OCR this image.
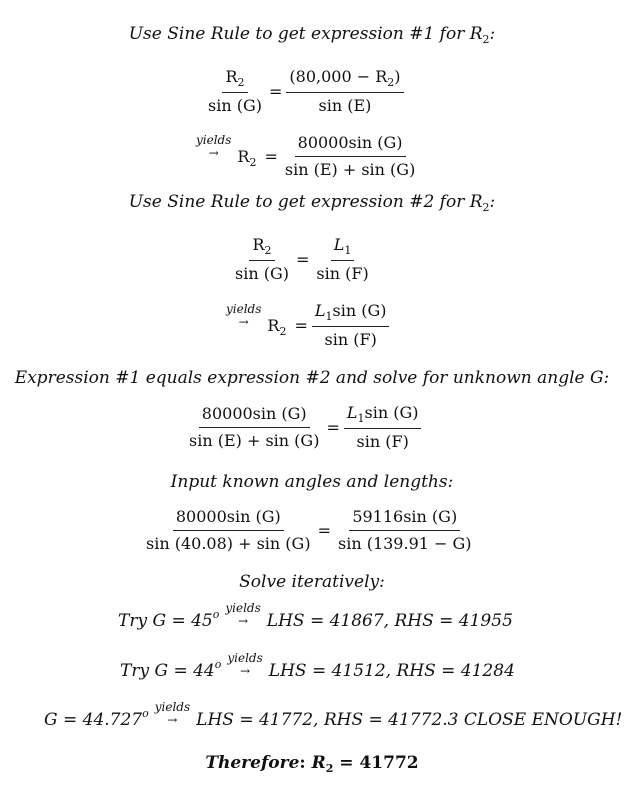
Use Sine Rule to get expression #1 for $R_2$:
$\frac{R_2}{\sin (G)} = \frac{(80,000 - R_2)}{\sin (E)}$
yields
→ $R_2 = \frac{80000\sin (G)}{\sin (E) + \sin (G)}$
Use Sine Rule to get expression #2 for $R_2$:
$\frac{R_2}{\sin (G)} = \frac{L_1}{\sin (F)}$
yields
→ $R_2 = \frac{L_1\sin (G)}{\sin (F)}$
Expression #1 equals expression #2 and solve for unknown angle G:
$\frac{80000\sin (G)}{\sin (E) + \sin (G)} = \frac{L_1\sin (G)}{\sin (F)}$
Input known angles and lengths:
$\frac{80000\sin (G)}{\sin (40.08) + \sin (G)} = \frac{59116\sin (G)}{\sin (139.91 - G)}$
Solve iteratively:
Try G = 45 o yields
→ LHS = 41867, RHS = 41955
Try G = 44 o yields
→ LHS = 41512, RHS = 41284
G = 44.727 o yields
→ LHS = 41772, RHS = 41772.3 CLOSE ENOUGH!
Therefore: $R_2 = 41772$
